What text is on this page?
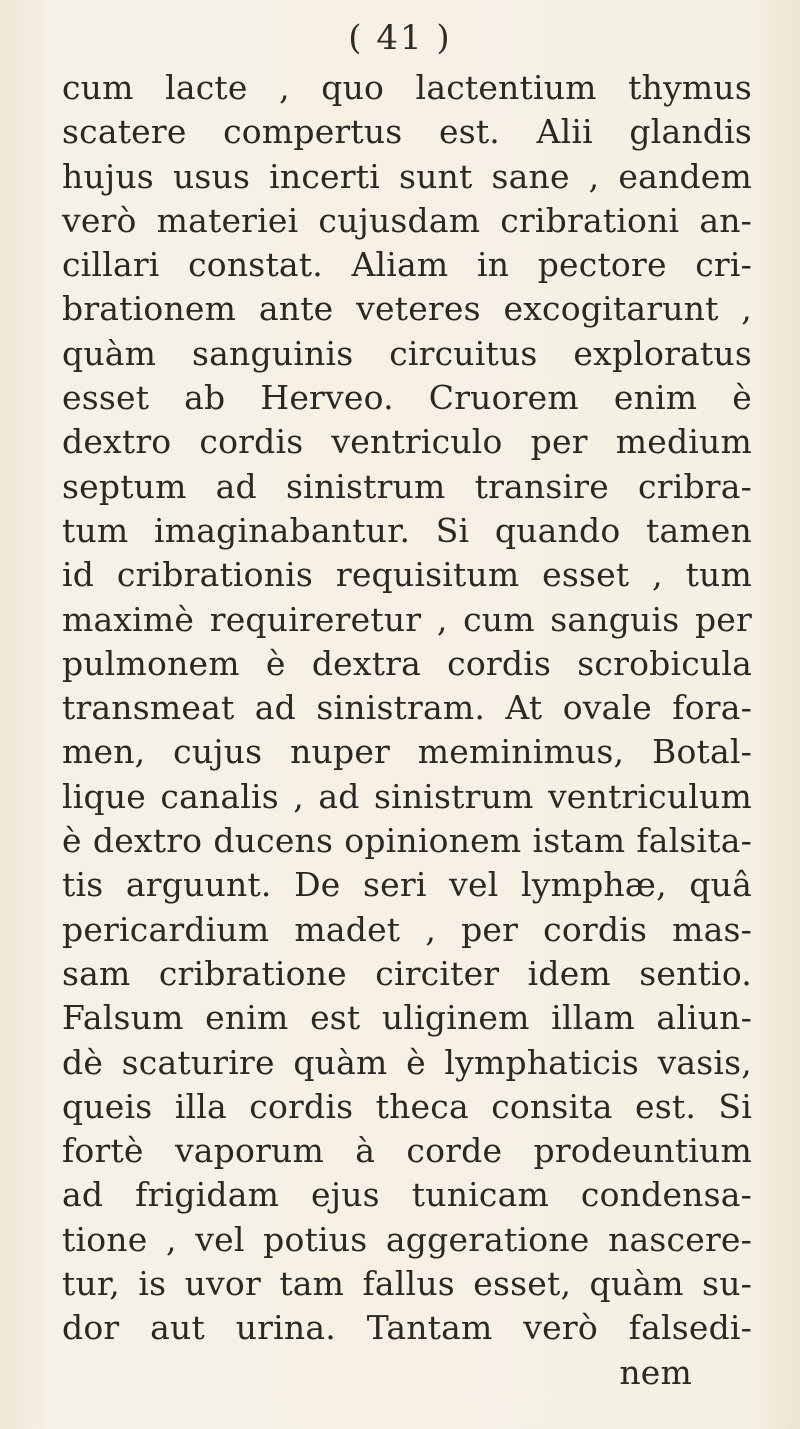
( 41 )
cum lacte , quo lactentium thymus
scatere compertus est. Alii glandis
hujus usus incerti sunt sane , eandem
verò materiei cujusdam cribrationi an-
cillari constat. Aliam in pectore cri-
brationem ante veteres excogitarunt ,
quàm sanguinis circuitus exploratus
esset ab Herveo. Cruorem enim è
dextro cordis ventriculo per medium
septum ad sinistrum transire cribra-
tum imaginabantur. Si quando tamen
id cribrationis requisitum esset , tum
maximè requireretur , cum sanguis per
pulmonem è dextra cordis scrobicula
transmeat ad sinistram. At ovale fora-
men, cujus nuper meminimus, Botal-
lique canalis , ad sinistrum ventriculum
è dextro ducens opinionem istam falsita-
tis arguunt. De seri vel lymphæ, quâ
pericardium madet , per cordis mas-
sam cribratione circiter idem sentio.
Falsum enim est uliginem illam aliun-
dè scaturire quàm è lymphaticis vasis,
queis illa cordis theca consita est. Si
fortè vaporum à corde prodeuntium
ad frigidam ejus tunicam condensa-
tione , vel potius aggeratione nascere-
tur, is uvor tam fallus esset, quàm su-
dor aut urina. Tantam verò falsedi-
nem
